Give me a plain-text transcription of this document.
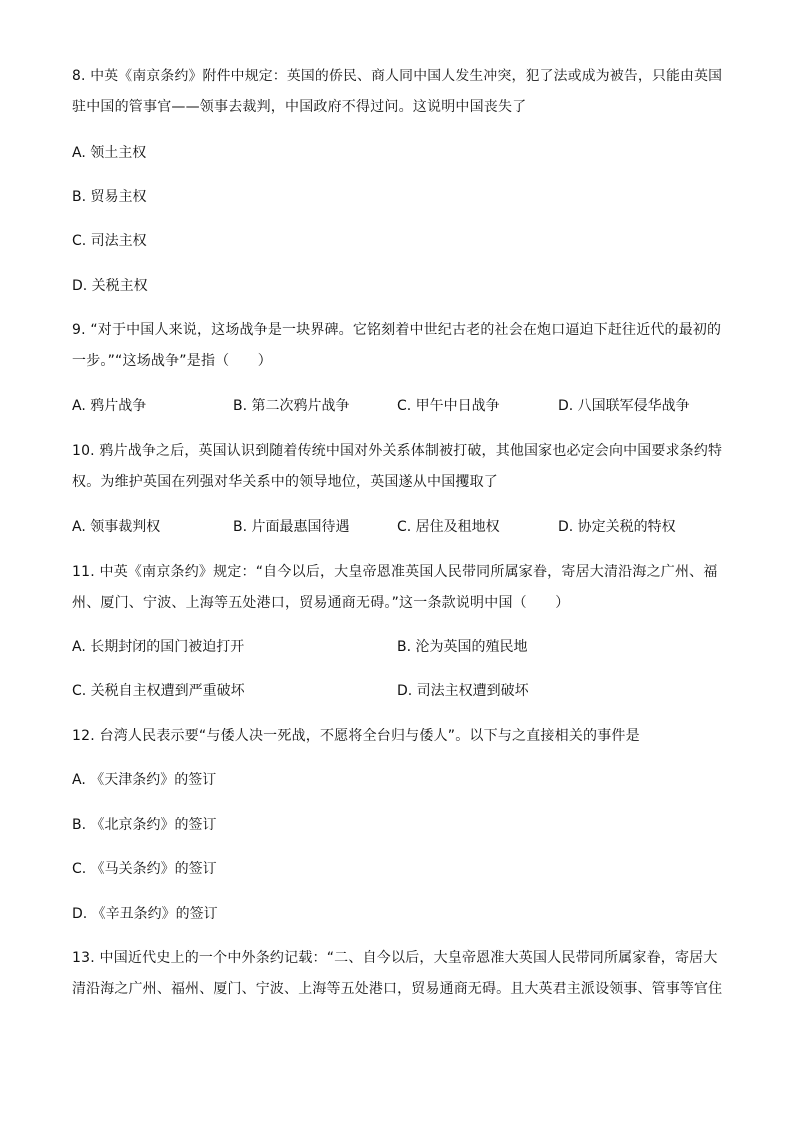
8. 中英《南京条约》附件中规定：英国的侨民、商人同中国人发生冲突，犯了法或成为被告，只能由英国
驻中国的管事官——领事去裁判，中国政府不得过问。这说明中国丧失了
A. 领土主权
B. 贸易主权
C. 司法主权
D. 关税主权
9. “对于中国人来说，这场战争是一块界碑。它铭刻着中世纪古老的社会在炮口逼迫下赶往近代的最初的
一步。”“这场战争”是指（　　）
A. 鸦片战争	B. 第二次鸦片战争	C. 甲午中日战争	D. 八国联军侵华战争
10. 鸦片战争之后，英国认识到随着传统中国对外关系体制被打破，其他国家也必定会向中国要求条约特
权。为维护英国在列强对华关系中的领导地位，英国遂从中国攫取了
A. 领事裁判权	B. 片面最惠国待遇	C. 居住及租地权	D. 协定关税的特权
11. 中英《南京条约》规定：“自今以后，大皇帝恩准英国人民带同所属家眷，寄居大清沿海之广州、福
州、厦门、宁波、上海等五处港口，贸易通商无碍。”这一条款说明中国（　　）
A. 长期封闭的国门被迫打开	B. 沦为英国的殖民地
C. 关税自主权遭到严重破坏	D. 司法主权遭到破坏
12. 台湾人民表示要“与倭人决一死战，不愿将全台归与倭人”。以下与之直接相关的事件是
A. 《天津条约》的签订
B. 《北京条约》的签订
C. 《马关条约》的签订
D. 《辛丑条约》的签订
13. 中国近代史上的一个中外条约记载：“二、自今以后，大皇帝恩准大英国人民带同所属家眷，寄居大
清沿海之广州、福州、厦门、宁波、上海等五处港口，贸易通商无碍。且大英君主派设领事、管事等官住
